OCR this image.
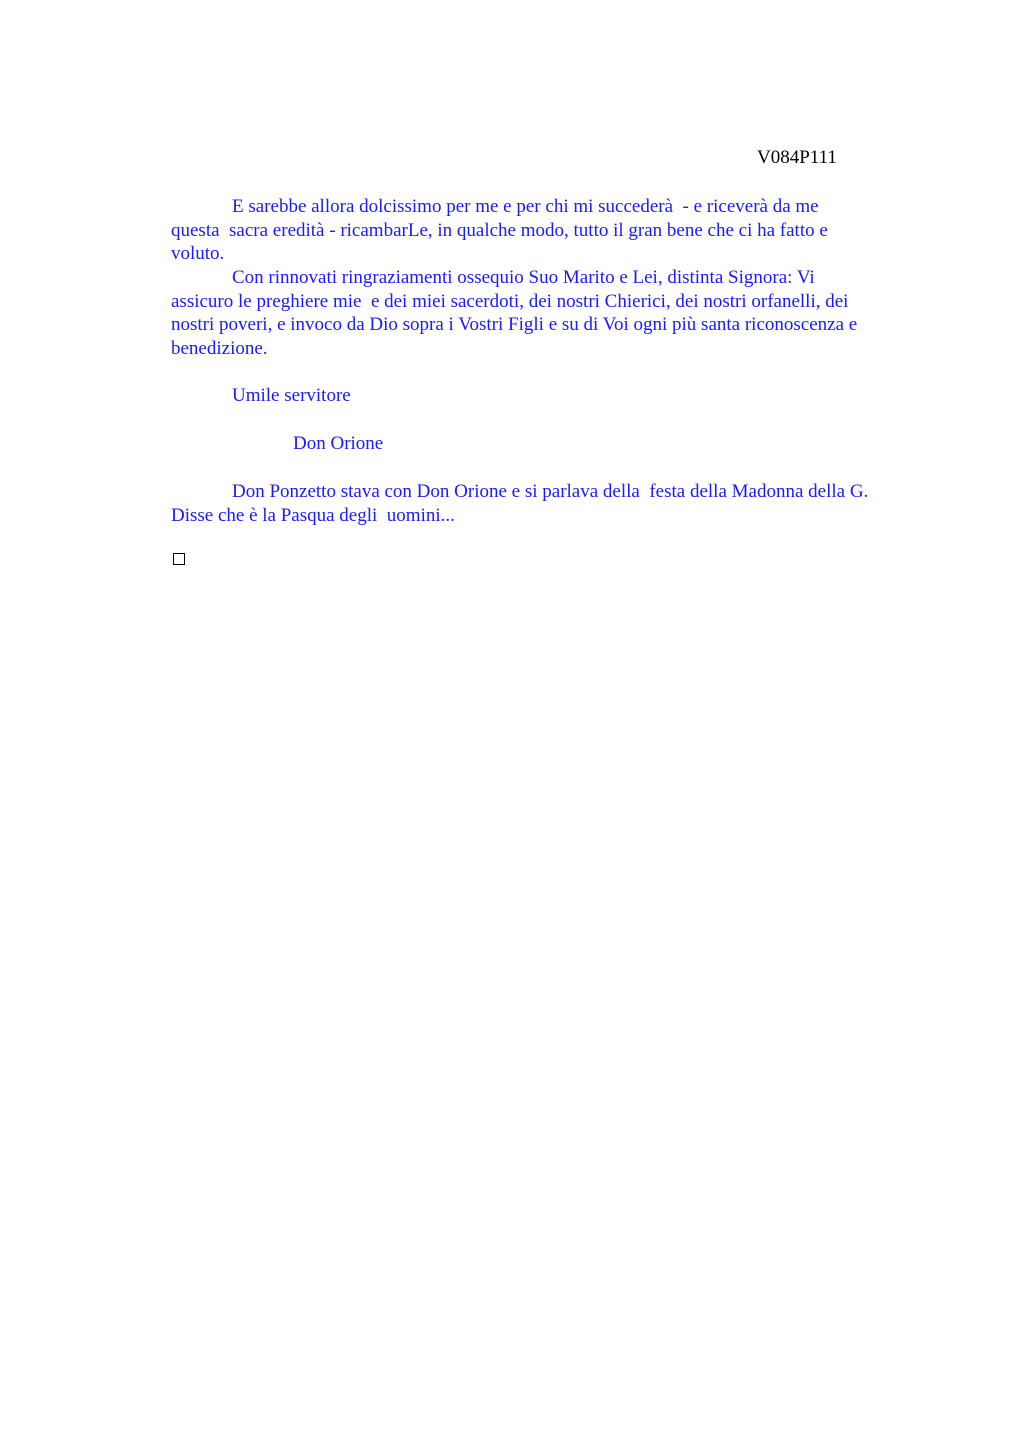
V084P111
E sarebbe allora dolcissimo per me e per chi mi succederà  - e riceverà da me
questa  sacra eredità - ricambarLe, in qualche modo, tutto il gran bene che ci ha fatto e
voluto.
Con rinnovati ringraziamenti ossequio Suo Marito e Lei, distinta Signora: Vi
assicuro le preghiere mie  e dei miei sacerdoti, dei nostri Chierici, dei nostri orfanelli, dei
nostri poveri, e invoco da Dio sopra i Vostri Figli e su di Voi ogni più santa riconoscenza e
benedizione.
Umile servitore
Don Orione
Don Ponzetto stava con Don Orione e si parlava della  festa della Madonna della G.
Disse che è la Pasqua degli  uomini...
